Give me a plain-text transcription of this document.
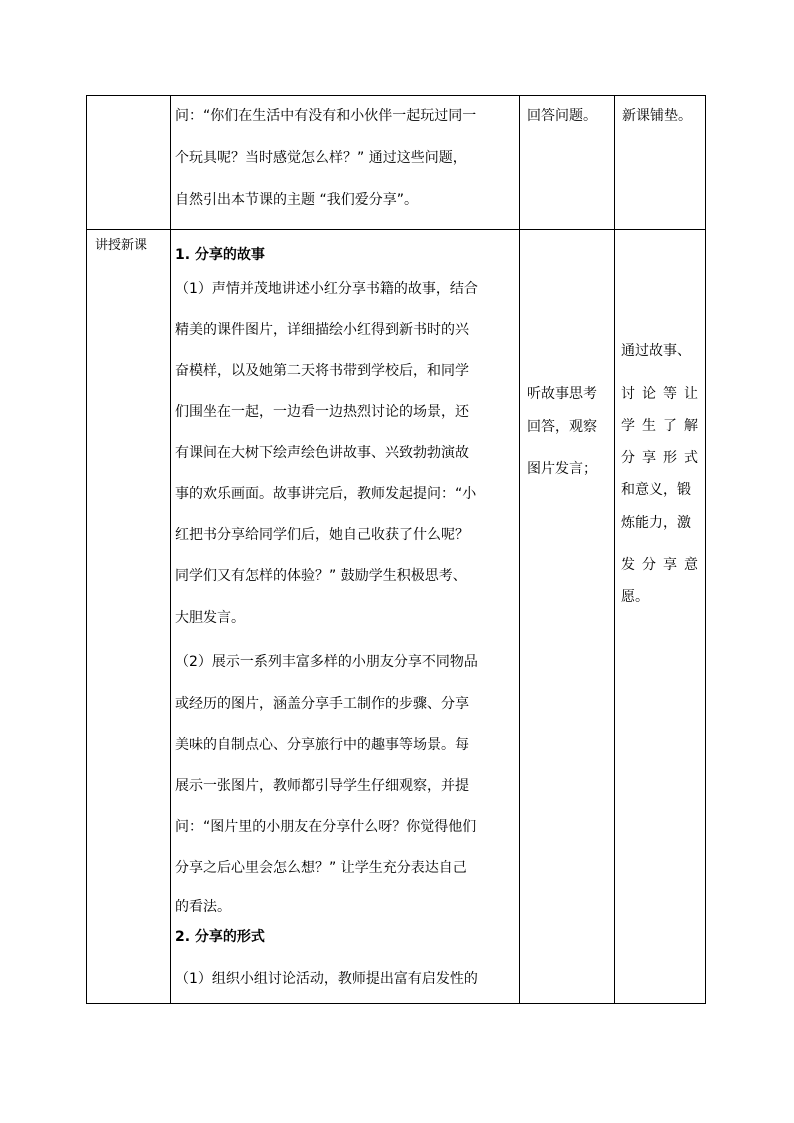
问：“你们在生活中有没有和小伙伴一起玩过同一
个玩具呢？当时感觉怎么样？” 通过这些问题，
自然引出本节课的主题 “我们爱分享”。
回答问题。 新课铺垫。
讲授新课
1. 分享的故事
（1）声情并茂地讲述小红分享书籍的故事，结合
精美的课件图片，详细描绘小红得到新书时的兴
奋模样，以及她第二天将书带到学校后，和同学
们围坐在一起，一边看一边热烈讨论的场景，还
有课间在大树下绘声绘色讲故事、兴致勃勃演故
事的欢乐画面。故事讲完后，教师发起提问：“小
红把书分享给同学们后，她自己收获了什么呢？
同学们又有怎样的体验？” 鼓励学生积极思考、
大胆发言。
（2）展示一系列丰富多样的小朋友分享不同物品
或经历的图片，涵盖分享手工制作的步骤、分享
美味的自制点心、分享旅行中的趣事等场景。每
展示一张图片，教师都引导学生仔细观察，并提
问：“图片里的小朋友在分享什么呀？你觉得他们
分享之后心里会怎么想？” 让学生充分表达自己
的看法。
2. 分享的形式
（1）组织小组讨论活动，教师提出富有启发性的
听故事思考
回答，观察
图片发言；
通过故事、
讨论等让
学生了解
分享形式
和意义，锻
炼能力，激
发分享意
愿。
